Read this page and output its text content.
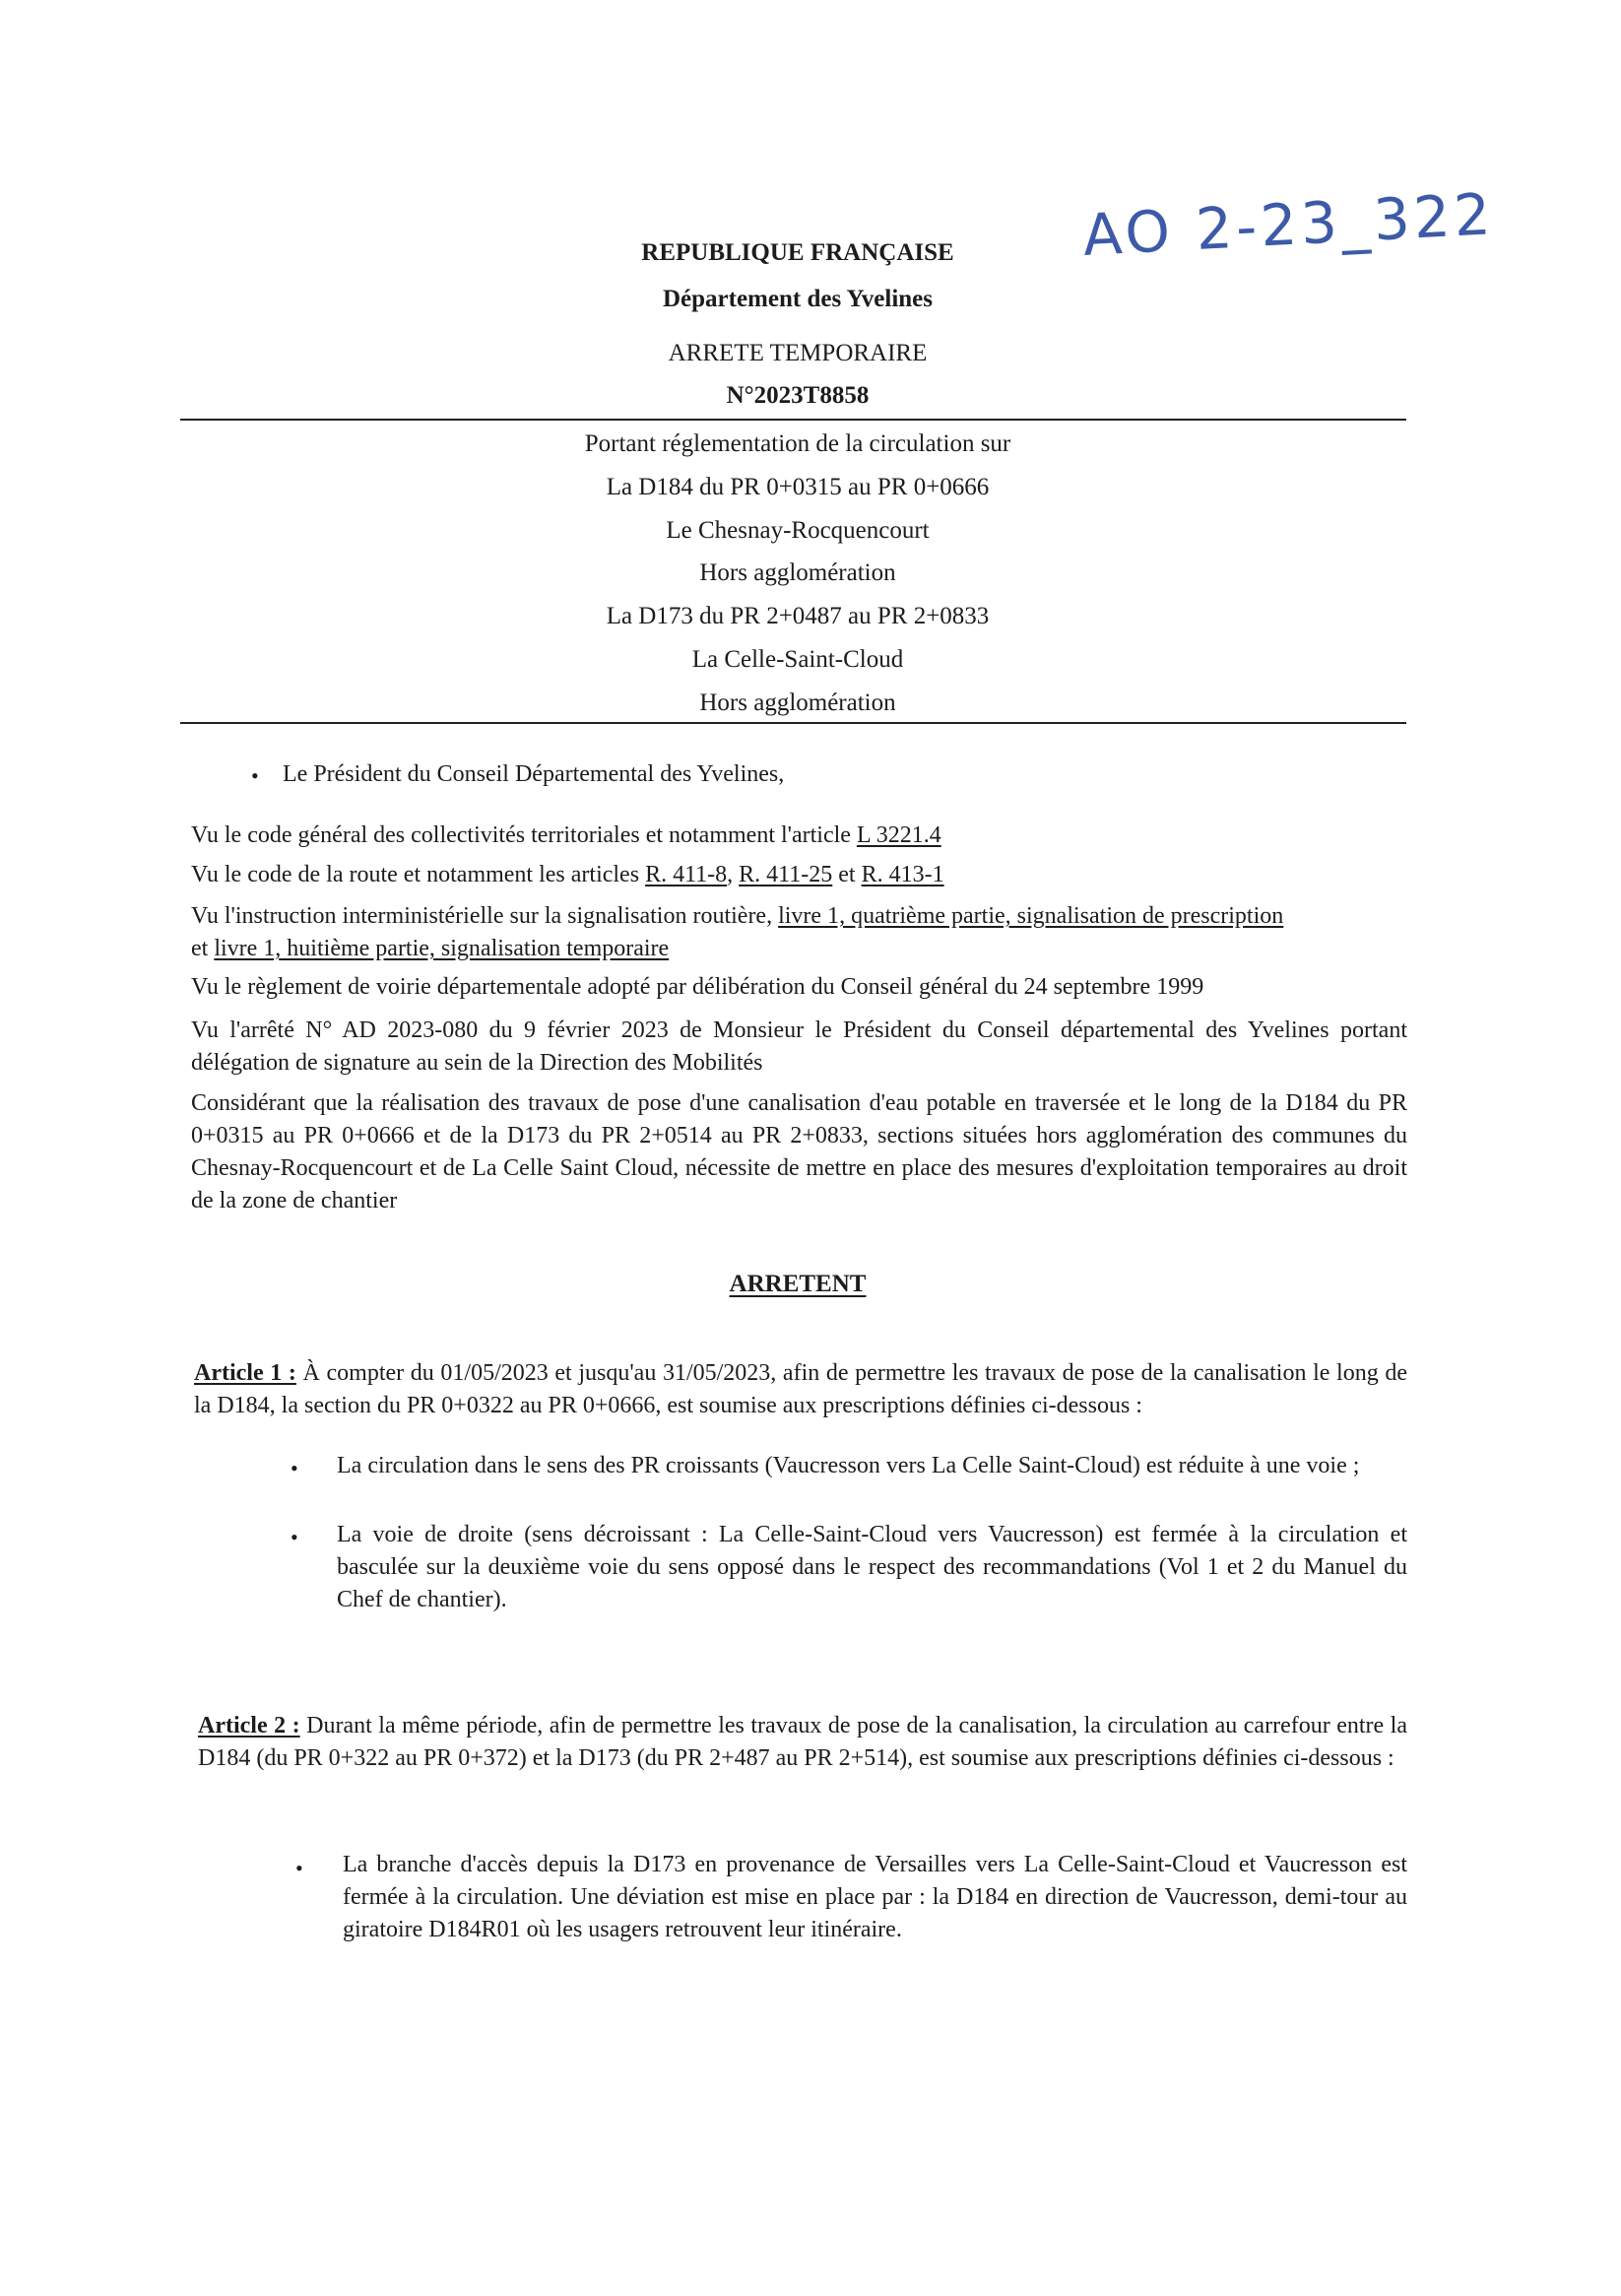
AO 2-23_322
REPUBLIQUE FRANÇAISE
Département des Yvelines
ARRETE TEMPORAIRE
N°2023T8858
Portant réglementation de la circulation sur
La D184 du PR 0+0315 au PR 0+0666
Le Chesnay-Rocquencourt
Hors agglomération
La D173 du PR 2+0487 au PR 2+0833
La Celle-Saint-Cloud
Hors agglomération
• Le Président du Conseil Départemental des Yvelines,

Vu le code général des collectivités territoriales et notamment l'article L 3221.4

Vu le code de la route et notamment les articles R. 411-8, R. 411-25 et R. 413-1

Vu l'instruction interministérielle sur la signalisation routière, livre 1, quatrième partie, signalisation de prescription
et livre 1, huitième partie, signalisation temporaire

Vu le règlement de voirie départementale adopté par délibération du Conseil général du 24 septembre 1999

Vu l'arrêté N° AD 2023-080 du 9 février 2023 de Monsieur le Président du Conseil départemental des Yvelines portant délégation de signature au sein de la Direction des Mobilités

Considérant que la réalisation des travaux de pose d'une canalisation d'eau potable en traversée et le long de la D184 du PR 0+0315 au PR 0+0666 et de la D173 du PR 2+0514 au PR 2+0833, sections situées hors agglomération des communes du Chesnay-Rocquencourt et de La Celle Saint Cloud, nécessite de mettre en place des mesures d'exploitation temporaires au droit de la zone de chantier

ARRETENT

Article 1 : À compter du 01/05/2023 et jusqu'au 31/05/2023, afin de permettre les travaux de pose de la canalisation le long de la D184, la section du PR 0+0322 au PR 0+0666, est soumise aux prescriptions définies ci-dessous :

• La circulation dans le sens des PR croissants (Vaucresson vers La Celle Saint-Cloud) est réduite à une voie ;

• La voie de droite (sens décroissant : La Celle-Saint-Cloud vers Vaucresson) est fermée à la circulation et basculée sur la deuxième voie du sens opposé dans le respect des recommandations (Vol 1 et 2 du Manuel du Chef de chantier).

Article 2 : Durant la même période, afin de permettre les travaux de pose de la canalisation, la circulation au carrefour entre la D184 (du PR 0+322 au PR 0+372) et la D173 (du PR 2+487 au PR 2+514), est soumise aux prescriptions définies ci-dessous :

• La branche d'accès depuis la D173 en provenance de Versailles vers La Celle-Saint-Cloud et Vaucresson est fermée à la circulation. Une déviation est mise en place par : la D184 en direction de Vaucresson, demi-tour au giratoire D184R01 où les usagers retrouvent leur itinéraire.
